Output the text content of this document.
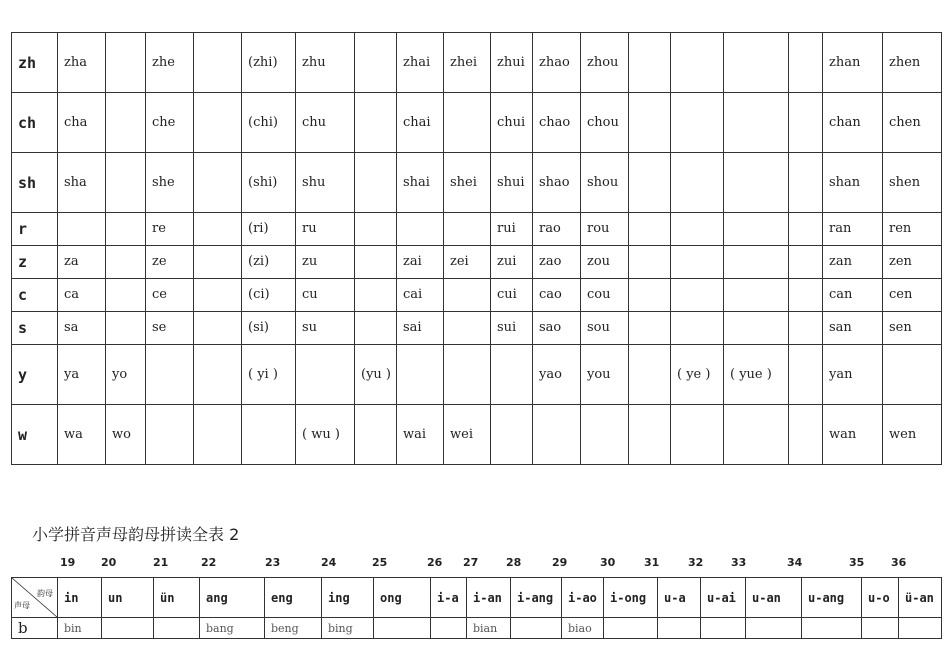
zh	zha		zhe		(zhi)	zhu		zhai	zhei	zhui	zhao	zhou					zhan	zhen
ch	cha		che		(chi)	chu		chai		chui	chao	chou					chan	chen
sh	sha		she		(shi)	shu		shai	shei	shui	shao	shou					shan	shen
r			re		(ri)	ru				rui	rao	rou					ran	ren
z	za		ze		(zi)	zu		zai	zei	zui	zao	zou					zan	zen
c	ca		ce		(ci)	cu		cai		cui	cao	cou					can	cen
s	sa		se		(si)	su		sai		sui	sao	sou					san	sen
y	ya	yo			( yi )		(yu )				yao	you		( ye )	( yue )		yan	
w	wa	wo				( wu )		wai	wei								wan	wen
小学拼音声母韵母拼读全表 2
19 20	21	22	23	24	25	26 27	28	29	30	31	32	33	34	35 36
韵母
声母	in	un	ün	ang	eng	ing	ong	i-a	i-an	i-ang	i-ao	i-ong	u-a	u-ai	u-an	u-ang	u-o	ü-an
b	bin			bang	beng	bing			bian		biao							
